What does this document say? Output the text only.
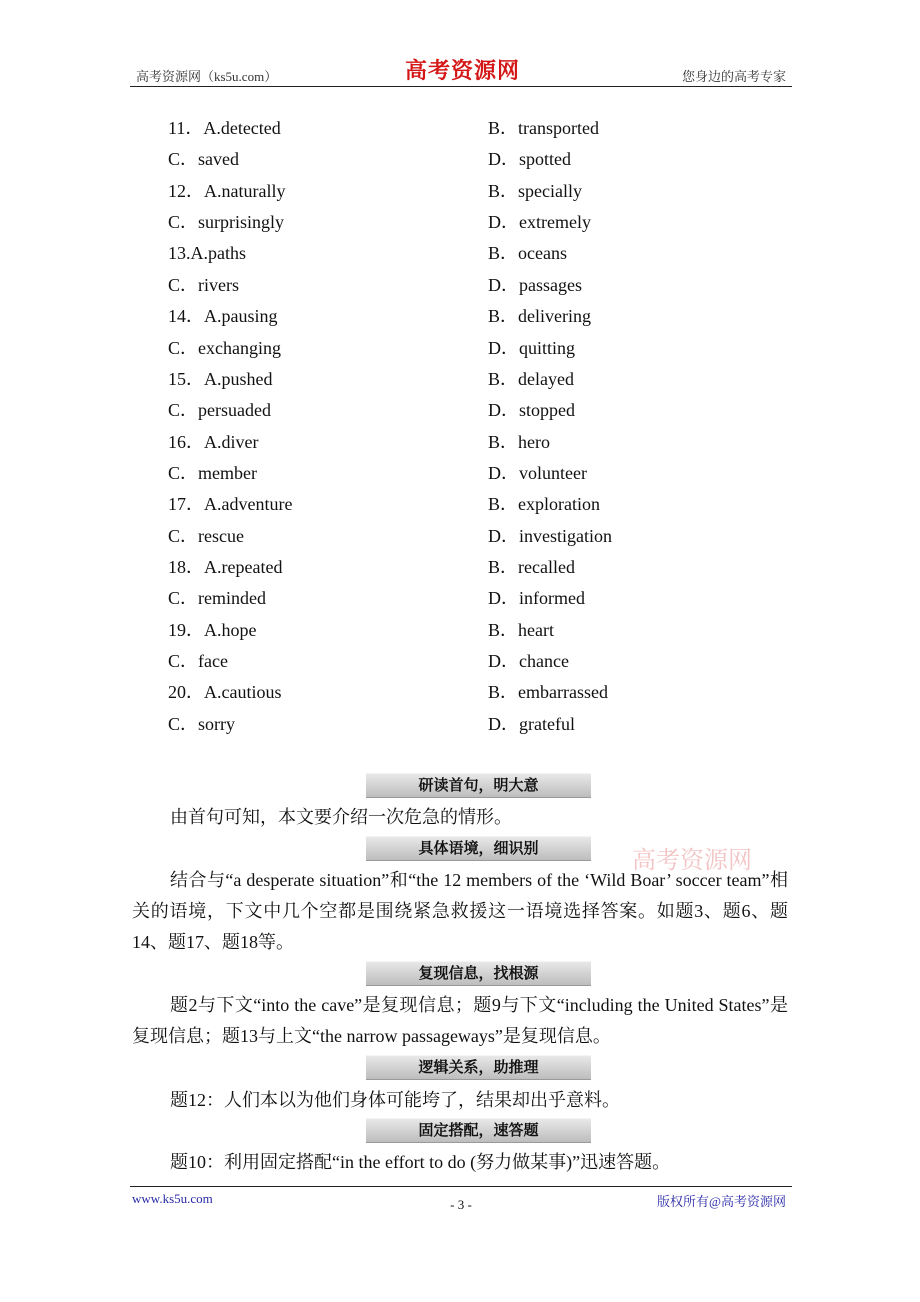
高考资源网（ks5u.com）	高考资源网	您身边的高考专家
11．A.detected	B．transported
C．saved	D．spotted
12．A.naturally	B．specially
C．surprisingly	D．extremely
13.A.paths	B．oceans
C．rivers	D．passages
14．A.pausing	B．delivering
C．exchanging	D．quitting
15．A.pushed	B．delayed
C．persuaded	D．stopped
16．A.diver	B．hero
C．member	D．volunteer
17．A.adventure	B．exploration
C．rescue	D．investigation
18．A.repeated	B．recalled
C．reminded	D．informed
19．A.hope	B．heart
C．face	D．chance
20．A.cautious	B．embarrassed
C．sorry	D．grateful
研读首句，明大意
由首句可知，本文要介绍一次危急的情形。
具体语境，细识别
结合与“a desperate situation”和“the 12 members of the ‘Wild Boar’ soccer team”相关的语境，下文中几个空都是围绕紧急救援这一语境选择答案。如题3、题6、题14、题17、题18等。
高考资源网
复现信息，找根源
题2与下文“into the cave”是复现信息；题9与下文“including the United States”是复现信息；题13与上文“the narrow passageways”是复现信息。
逻辑关系，助推理
题12：人们本以为他们身体可能垮了，结果却出乎意料。
固定搭配，速答题
题10：利用固定搭配“in the effort to do (努力做某事)”迅速答题。
www.ks5u.com	- 3 -	版权所有@高考资源网
